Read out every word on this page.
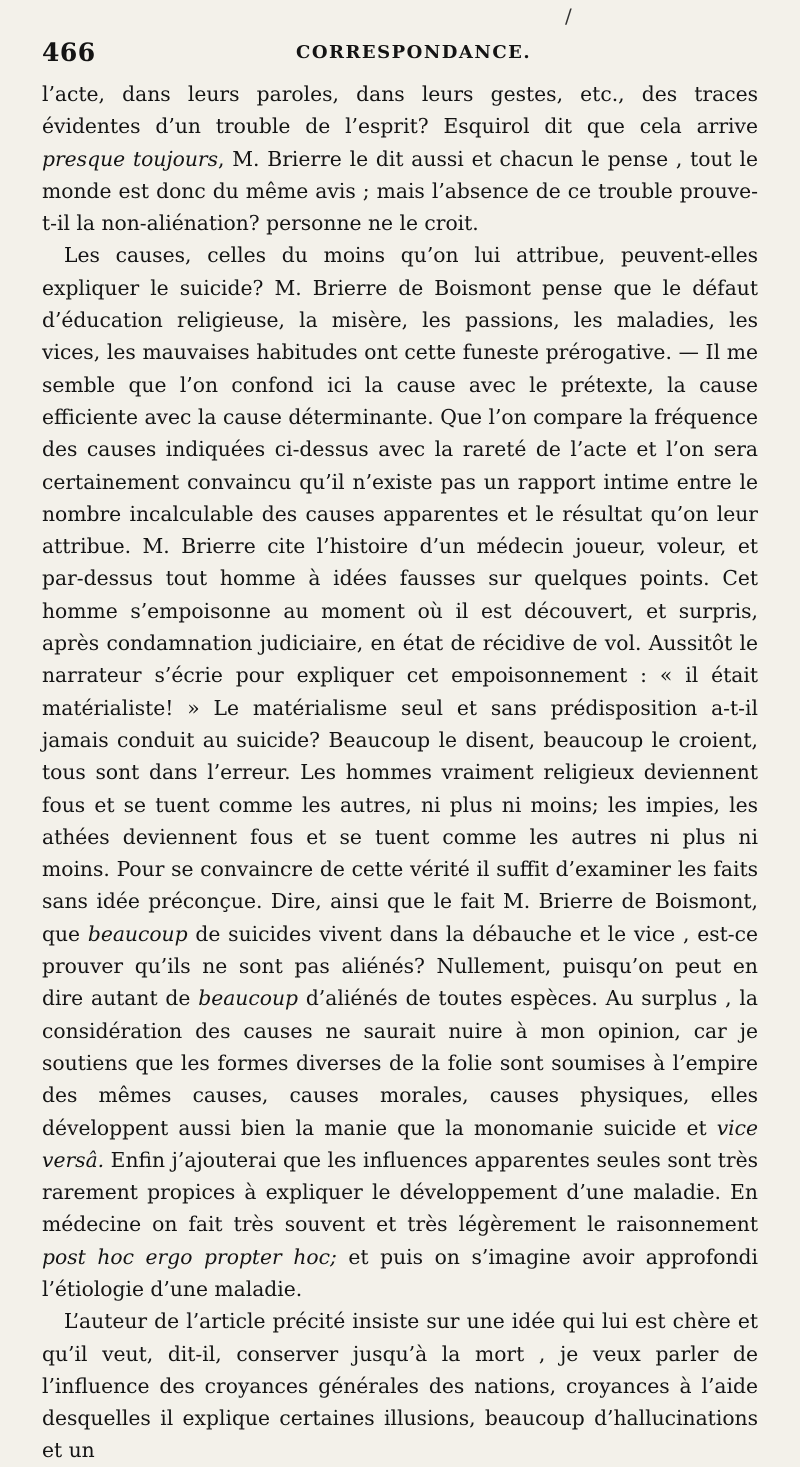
/
466	CORRESPONDANCE.

l’acte, dans leurs paroles, dans leurs gestes, etc., des traces évidentes d’un trouble de l’esprit? Esquirol dit que cela arrive presque toujours, M. Brierre le dit aussi et chacun le pense , tout le monde est donc du même avis ; mais l’absence de ce trouble prouve-t-il la non-aliénation? personne ne le croit.

Les causes, celles du moins qu’on lui attribue, peuvent-elles expliquer le suicide? M. Brierre de Boismont pense que le défaut d’éducation religieuse, la misère, les passions, les maladies, les vices, les mauvaises habitudes ont cette funeste prérogative. — Il me semble que l’on confond ici la cause avec le prétexte, la cause efficiente avec la cause déterminante. Que l’on compare la fréquence des causes indiquées ci-dessus avec la rareté de l’acte et l’on sera certainement convaincu qu’il n’existe pas un rapport intime entre le nombre incalculable des causes apparentes et le résultat qu’on leur attribue. M. Brierre cite l’histoire d’un médecin joueur, voleur, et par-dessus tout homme à idées fausses sur quelques points. Cet homme s’empoisonne au moment où il est découvert, et surpris, après condamnation judiciaire, en état de récidive de vol. Aussitôt le narrateur s’écrie pour expliquer cet empoisonnement : « il était matérialiste! » Le matérialisme seul et sans prédisposition a-t-il jamais conduit au suicide? Beaucoup le disent, beaucoup le croient, tous sont dans l’erreur. Les hommes vraiment religieux deviennent fous et se tuent comme les autres, ni plus ni moins; les impies, les athées deviennent fous et se tuent comme les autres ni plus ni moins. Pour se convaincre de cette vérité il suffit d’examiner les faits sans idée préconçue. Dire, ainsi que le fait M. Brierre de Boismont, que beaucoup de suicides vivent dans la débauche et le vice , est-ce prouver qu’ils ne sont pas aliénés? Nullement, puisqu’on peut en dire autant de beaucoup d’aliénés de toutes espèces. Au surplus , la considération des causes ne saurait nuire à mon opinion, car je soutiens que les formes diverses de la folie sont soumises à l’empire des mêmes causes, causes morales, causes physiques, elles développent aussi bien la manie que la monomanie suicide et vice versâ. Enfin j’ajouterai que les influences apparentes seules sont très rarement propices à expliquer le développement d’une maladie. En médecine on fait très souvent et très légèrement le raisonnement post hoc ergo propter hoc; et puis on s’imagine avoir approfondi l’étiologie d’une maladie.

L’auteur de l’article précité insiste sur une idée qui lui est chère et qu’il veut, dit-il, conserver jusqu’à la mort , je veux parler de l’influence des croyances générales des nations, croyances à l’aide desquelles il explique certaines illusions, beaucoup d’hallucinations et un
